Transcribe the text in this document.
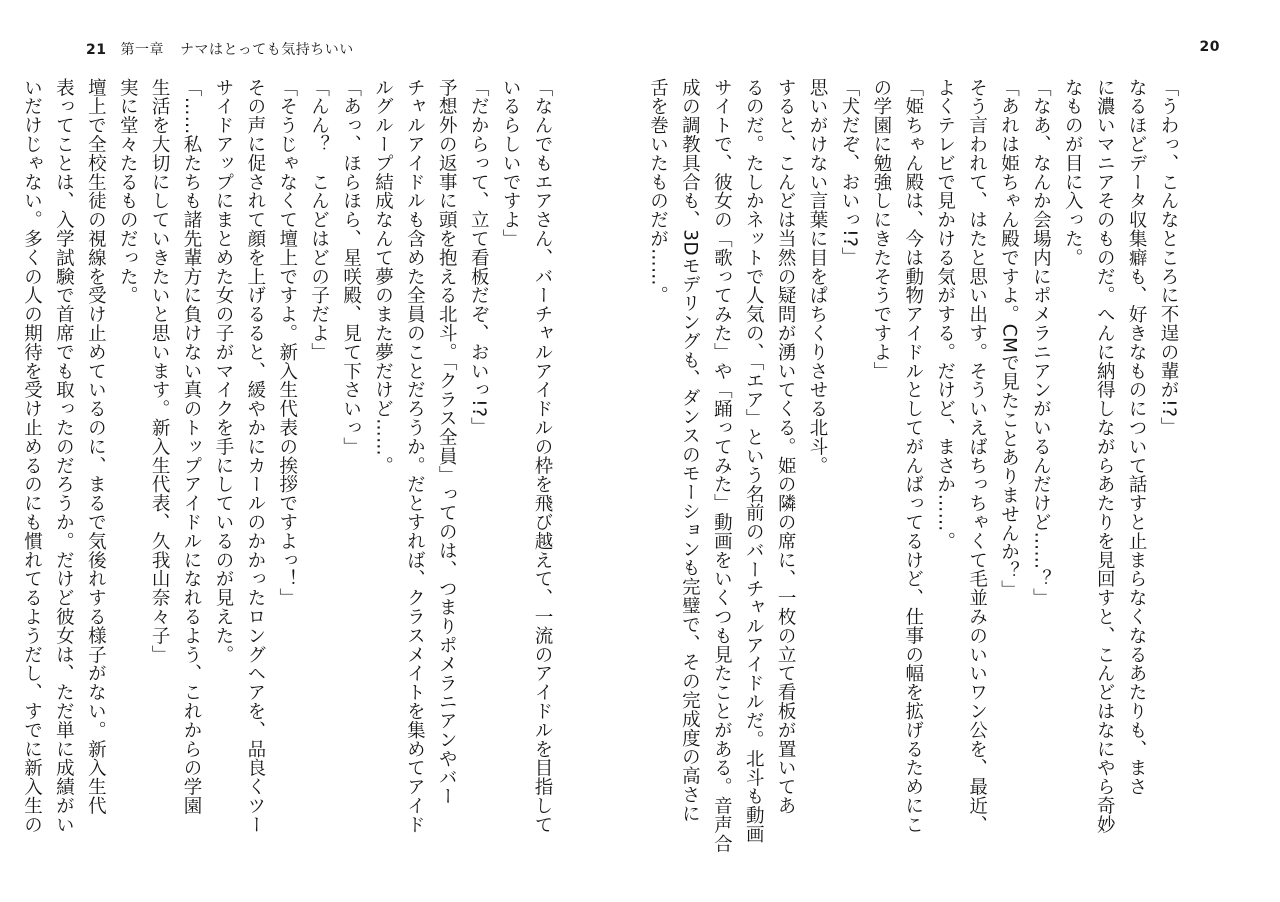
21 第一章 ナマはとっても気持ちいい
「なんでもエアさん、バーチャルアイドルの枠を飛び越えて、一流のアイドルを目指して
いるらしいですよ」
「だからって、立て看板だぞ、おいっ!?」
予想外の返事に頭を抱える北斗。「クラス全員」ってのは、つまりポメラニアンやバー
チャルアイドルも含めた全員のことだろうか。だとすれば、クラスメイトを集めてアイド
ルグループ結成なんて夢のまた夢だけど……。
「あっ、ほらほら、星咲殿、見て下さいっ」
「んん？　こんどはどの子だよ」
「そうじゃなくて壇上ですよ。新入生代表の挨拶ですよっ！」
その声に促されて顔を上げるると、緩やかにカールのかかったロングヘアを、品良くツー
サイドアップにまとめた女の子がマイクを手にしているのが見えた。
「……私たちも諸先輩方に負けない真のトップアイドルになれるよう、これからの学園
生活を大切にしていきたいと思います。新入生代表、久我山奈々子」
実に堂々たるものだった。
壇上で全校生徒の視線を受け止めているのに、まるで気後れする様子がない。新入生代
表ってことは、入学試験で首席でも取ったのだろうか。だけど彼女は、ただ単に成績がい
いだけじゃない。多くの人の期待を受け止めるのにも慣れてるようだし、すでに新入生の
20
「うわっ、こんなところに不逞の輩が!?」
なるほどデータ収集癖も、好きなものについて話すと止まらなくなるあたりも、まさ
に濃いマニアそのものだ。へんに納得しながらあたりを見回すと、こんどはなにやら奇妙
なものが目に入った。
「なあ、なんか会場内にポメラニアンがいるんだけど……？」
「あれは姫ちゃん殿ですよ。CMで見たことありませんか？」
そう言われて、はたと思い出す。そういえばちっちゃくて毛並みのいいワン公を、最近、
よくテレビで見かける気がする。だけど、まさか……。
「姫ちゃん殿は、今は動物アイドルとしてがんばってるけど、仕事の幅を拡げるためにこ
の学園に勉強しにきたそうですよ」
「犬だぞ、おいっ!?」
思いがけない言葉に目をぱちくりさせる北斗。
すると、こんどは当然の疑問が湧いてくる。姫の隣の席に、一枚の立て看板が置いてあ
るのだ。たしかネットで人気の、「エア」という名前のバーチャルアイドルだ。北斗も動画
サイトで、彼女の「歌ってみた」や「踊ってみた」動画をいくつも見たことがある。音声合
成の調教具合も、3Dモデリングも、ダンスのモーションも完璧で、その完成度の高さに
舌を巻いたものだが……。
